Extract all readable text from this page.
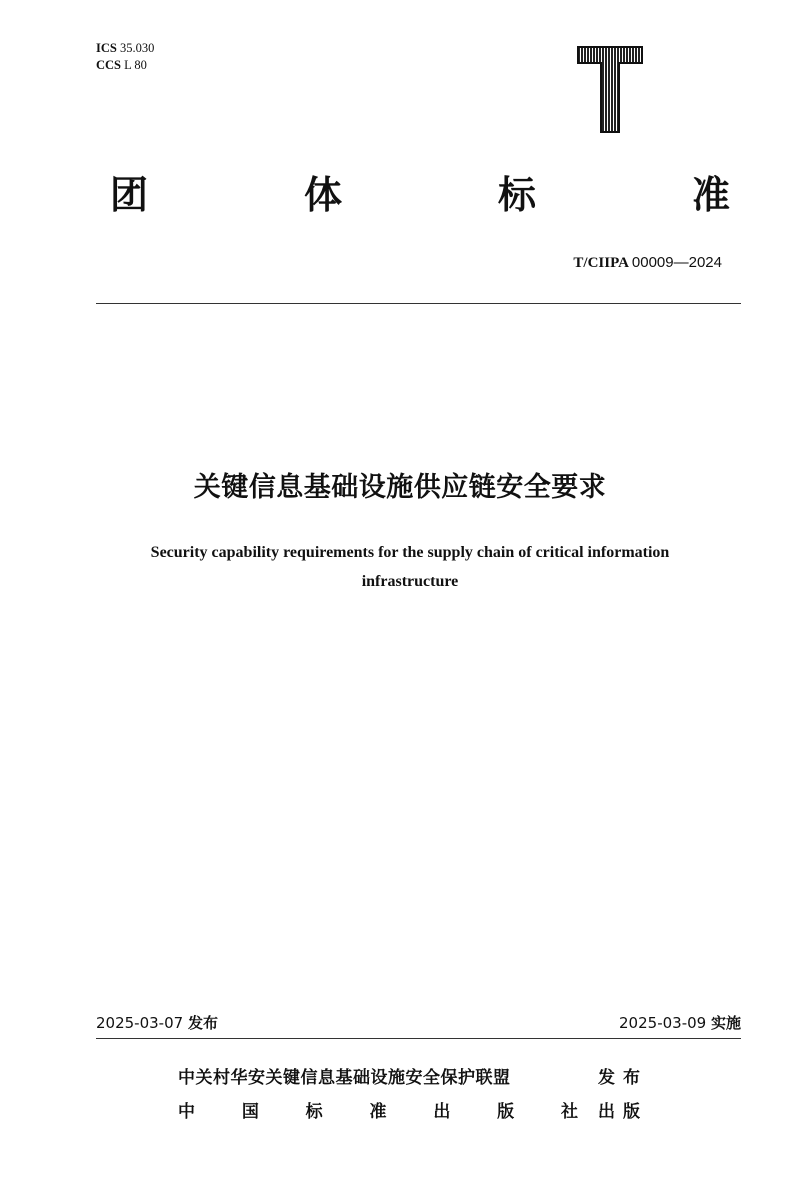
ICS 35.030
CCS L 80
T
团	体	标	准
T/CIIPA 00009—2024
关键信息基础设施供应链安全要求
Security capability requirements for the supply chain of critical information
infrastructure
2025-03-07 发布	2025-03-09 实施
中关村华安关键信息基础设施安全保护联盟	发布
中	国	标	准	出	版	社 出版
